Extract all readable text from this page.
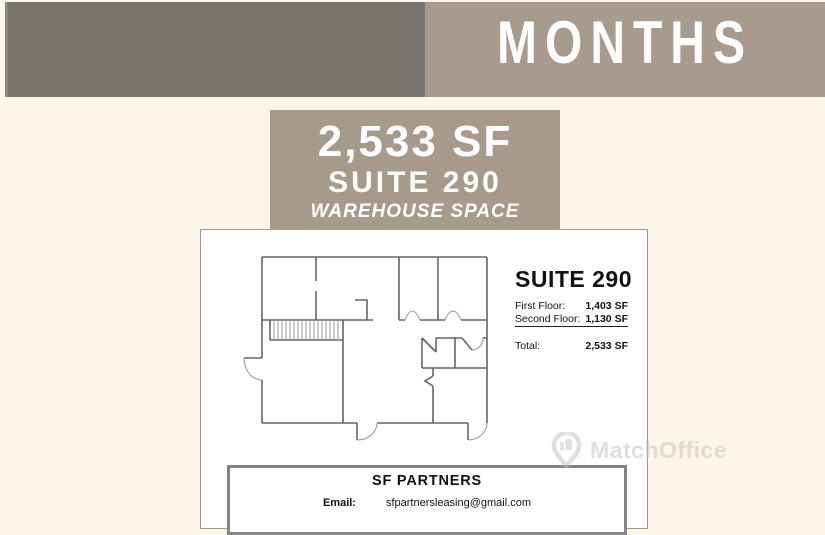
MONTHS
2,533 SF
SUITE 290
WAREHOUSE SPACE
SUITE 290
First Floor: 1,403 SF
Second Floor: 1,130 SF
Total:	2,533 SF
SF PARTNERS
Email:	sfpartnersleasing@gmail.com
MatchOffice
